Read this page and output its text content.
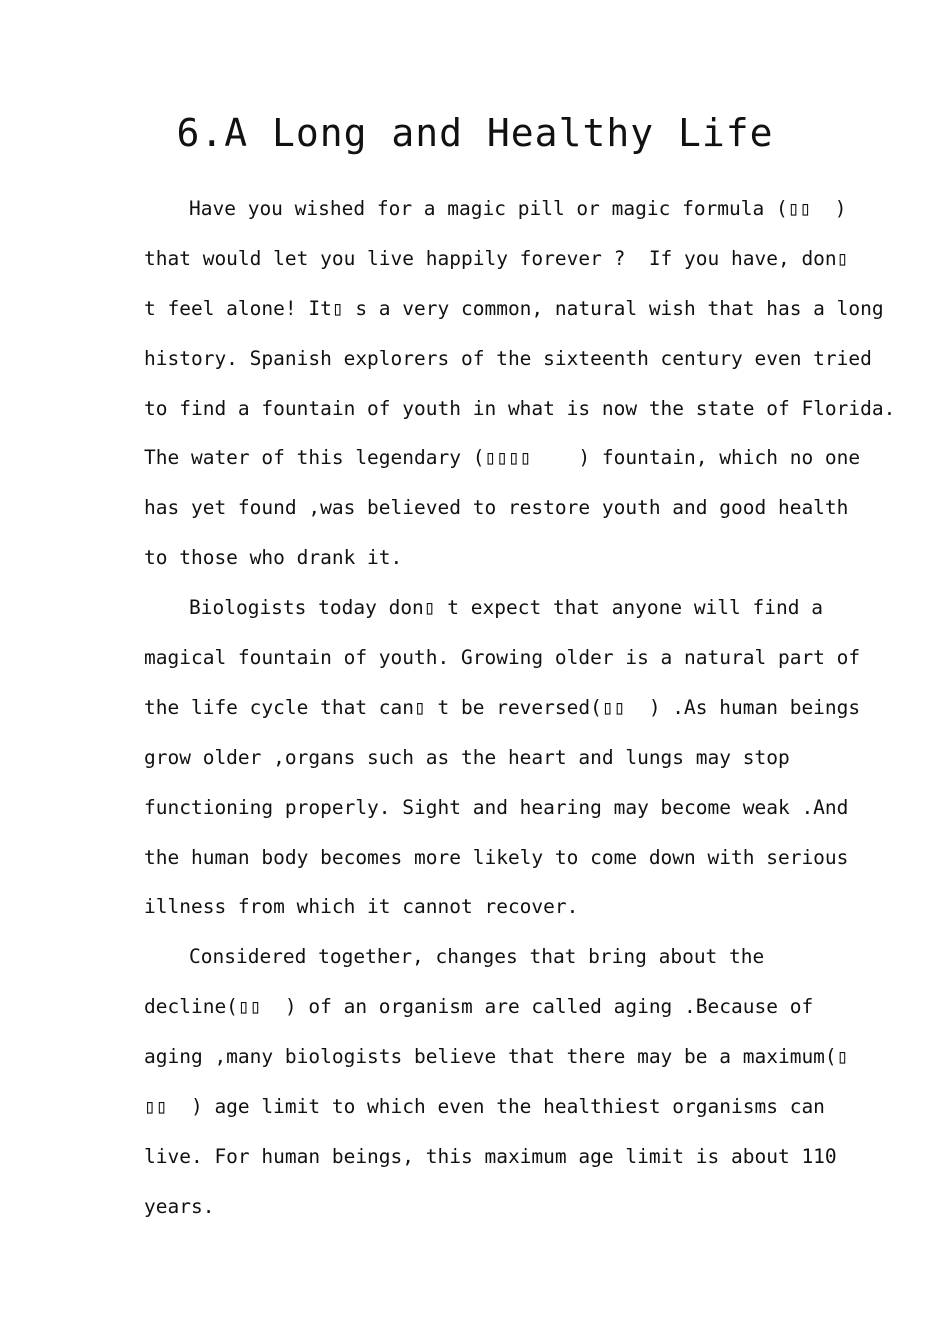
6.A Long and Healthy Life
Have you wished for a magic pill or magic formula (▯▯  )
that would let you live happily forever ?  If you have, don▯
t feel alone! It▯ s a very common, natural wish that has a long
history. Spanish explorers of the sixteenth century even tried
to find a fountain of youth in what is now the state of Florida.
The water of this legendary (▯▯▯▯    ) fountain, which no one
has yet found ,was believed to restore youth and good health
to those who drank it.
Biologists today don▯ t expect that anyone will find a
magical fountain of youth. Growing older is a natural part of
the life cycle that can▯ t be reversed(▯▯  ) .As human beings
grow older ,organs such as the heart and lungs may stop
functioning properly. Sight and hearing may become weak .And
the human body becomes more likely to come down with serious
illness from which it cannot recover.
Considered together, changes that bring about the
decline(▯▯  ) of an organism are called aging .Because of
aging ,many biologists believe that there may be a maximum(▯
▯▯  ) age limit to which even the healthiest organisms can
live. For human beings, this maximum age limit is about 110
years.
